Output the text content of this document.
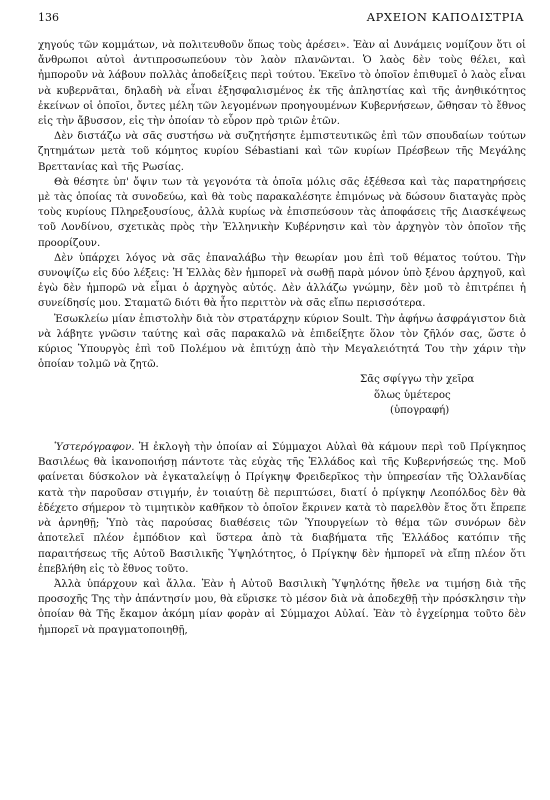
136	ΑΡΧΕΙΟΝ ΚΑΠΟΔΙΣΤΡΙΑ

χηγούς τῶν κομμάτων, νὰ πολιτευθοῦν ὅπως τοὺς ἀρέσει». Ἐὰν αἱ Δυνάμεις νομίζουν ὅτι οἱ ἄνθρωποι αὐτοὶ ἀντιπροσωπεύουν τὸν λαὸν πλανῶνται. Ὁ λαὸς δὲν τοὺς θέλει, καὶ ἠμποροῦν νὰ λάβουν πολλὰς ἀποδείξεις περὶ τούτου. Ἐκεῖνο τὸ ὁποῖον ἐπιθυμεῖ ὁ λαὸς εἶναι νὰ κυβερνᾶται, δηλαδὴ νὰ εἶναι ἐξησφαλισμένος ἐκ τῆς ἀπληστίας καὶ τῆς ἀνηθικότητος ἐκείνων οἱ ὁποῖοι, ὄντες μέλη τῶν λεγομένων προηγουμένων Κυβερνήσεων, ὤθησαν τὸ ἔθνος εἰς τὴν ἄβυσσον, εἰς τὴν ὁποίαν τὸ εὗρον πρὸ τριῶν ἐτῶν.

Δὲν διστάζω νὰ σᾶς συστήσω νὰ συζητήσητε ἐμπιστευτικῶς ἐπὶ τῶν σπουδαίων τούτων ζητημάτων μετὰ τοῦ κόμητος κυρίου Sébastiani καὶ τῶν κυρίων Πρέσβεων τῆς Μεγάλης Βρεττανίας καὶ τῆς Ρωσίας.

Θὰ θέσητε ὑπ' ὄψιν των τὰ γεγονότα τὰ ὁποῖα μόλις σᾶς ἐξέθεσα καὶ τὰς παρατηρήσεις μὲ τὰς ὁποίας τὰ συνοδεύω, καὶ θὰ τοὺς παρακαλέσητε ἐπιμόνως νὰ δώσουν διαταγὰς πρὸς τοὺς κυρίους Πληρεξουσίους, ἀλλὰ κυρίως νὰ ἐπισπεύσουν τὰς ἀποφάσεις τῆς Διασκέψεως τοῦ Λονδίνου, σχετικὰς πρὸς τὴν Ἑλληνικὴν Κυβέρνησιν καὶ τὸν ἀρχηγὸν τὸν ὁποῖον τῆς προορίζουν.

Δὲν ὑπάρχει λόγος νὰ σᾶς ἐπαναλάβω τὴν θεωρίαν μου ἐπὶ τοῦ θέματος τούτου. Τὴν συνοψίζω εἰς δύο λέξεις: Ἡ Ἑλλὰς δὲν ἠμπορεῖ νὰ σωθῇ παρὰ μόνον ὑπὸ ξένου ἀρχηγοῦ, καὶ ἐγὼ δὲν ἠμπορῶ νὰ εἶμαι ὁ ἀρχηγὸς αὐτός. Δὲν ἀλλάζω γνώμην, δὲν μοῦ τὸ ἐπιτρέπει ἡ συνείδησίς μου. Σταματῶ διότι θὰ ἦτο περιττὸν νὰ σᾶς εἴπω περισσότερα.

Ἐσωκλείω μίαν ἐπιστολὴν διὰ τὸν στρατάρχην κύριον Soult. Τὴν ἀφήνω ἀσφράγιστον διὰ νὰ λάβητε γνῶσιν ταύτης καὶ σᾶς παρακαλῶ νὰ ἐπιδείξητε ὅλον τὸν ζῆλόν σας, ὥστε ὁ κύριος Ὑπουργὸς ἐπὶ τοῦ Πολέμου νὰ ἐπιτύχῃ ἀπὸ τὴν Μεγαλειότητά Του τὴν χάριν τὴν ὁποίαν τολμῶ νὰ ζητῶ.

Σᾶς σφίγγω τὴν χεῖρα
ὅλως ὑμέτερος
(ὑπογραφή)

Ὑστερόγραφον. Ἡ ἐκλογὴ τὴν ὁποίαν αἱ Σύμμαχοι Αὐλαὶ θὰ κάμουν περὶ τοῦ Πρίγκηπος Βασιλέως θὰ ἱκανοποιήσῃ πάντοτε τὰς εὐχὰς τῆς Ἑλλάδος καὶ τῆς Κυβερνήσεώς της. Μοῦ φαίνεται δύσκολον νὰ ἐγκαταλείψῃ ὁ Πρίγκηψ Φρειδερῖκος τὴν ὑπηρεσίαν τῆς Ὁλλανδίας κατὰ τὴν παροῦσαν στιγμήν, ἐν τοιαύτῃ δὲ περιπτώσει, διατί ὁ πρίγκηψ Λεοπόλδος δὲν θὰ ἐδέχετο σήμερον τὸ τιμητικὸν καθῆκον τὸ ὁποῖον ἔκρινεν κατὰ τὸ παρελθὸν ἔτος ὅτι ἔπρεπε νὰ ἀρνηθῇ; Ὑπὸ τὰς παρούσας διαθέσεις τῶν Ὑπουργείων τὸ θέμα τῶν συνόρων δὲν ἀποτελεῖ πλέον ἐμπόδιον καὶ ὕστερα ἀπὸ τὰ διαβήματα τῆς Ἑλλάδος κατόπιν τῆς παραιτήσεως τῆς Αὐτοῦ Βασιλικῆς Ὑψηλότητος, ὁ Πρίγκηψ δὲν ἠμπορεῖ νὰ εἴπῃ πλέον ὅτι ἐπεβλήθη εἰς τὸ ἔθνος τοῦτο.

Ἀλλὰ ὑπάρχουν καὶ ἄλλα. Ἐὰν ἡ Αὐτοῦ Βασιλικὴ Ὑψηλότης ἤθελε να τιμήσῃ διὰ τῆς προσοχῆς Της τὴν ἀπάντησίν μου, θὰ εὕρισκε τὸ μέσον διὰ νὰ ἀποδεχθῇ τὴν πρόσκλησιν τὴν ὁποίαν θὰ Τῆς ἔκαμον ἀκόμη μίαν φορὰν αἱ Σύμμαχοι Αὐλαί. Ἐὰν τὸ ἐγχείρημα τοῦτο δὲν ἠμπορεῖ νὰ πραγματοποιηθῇ,
